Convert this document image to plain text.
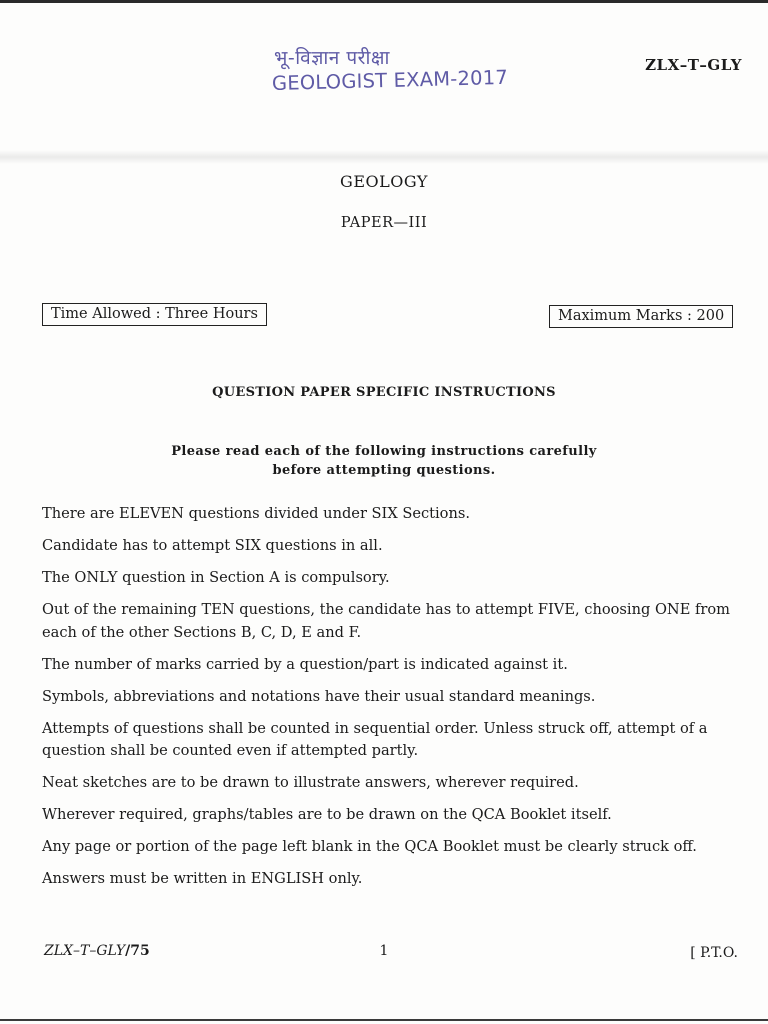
भू-विज्ञान परीक्षा
GEOLOGIST EXAM-2017
ZLX–T–GLY
GEOLOGY
PAPER—III
Time Allowed : Three Hours	Maximum Marks : 200
QUESTION PAPER SPECIFIC INSTRUCTIONS
Please read each of the following instructions carefully
before attempting questions.
There are ELEVEN questions divided under SIX Sections.
Candidate has to attempt SIX questions in all.
The ONLY question in Section A is compulsory.
Out of the remaining TEN questions, the candidate has to attempt FIVE, choosing ONE from each of the other Sections B, C, D, E and F.
The number of marks carried by a question/part is indicated against it.
Symbols, abbreviations and notations have their usual standard meanings.
Attempts of questions shall be counted in sequential order. Unless struck off, attempt of a question shall be counted even if attempted partly.
Neat sketches are to be drawn to illustrate answers, wherever required.
Wherever required, graphs/tables are to be drawn on the QCA Booklet itself.
Any page or portion of the page left blank in the QCA Booklet must be clearly struck off.
Answers must be written in ENGLISH only.
ZLX–T–GLY/75	1	[ P.T.O.
